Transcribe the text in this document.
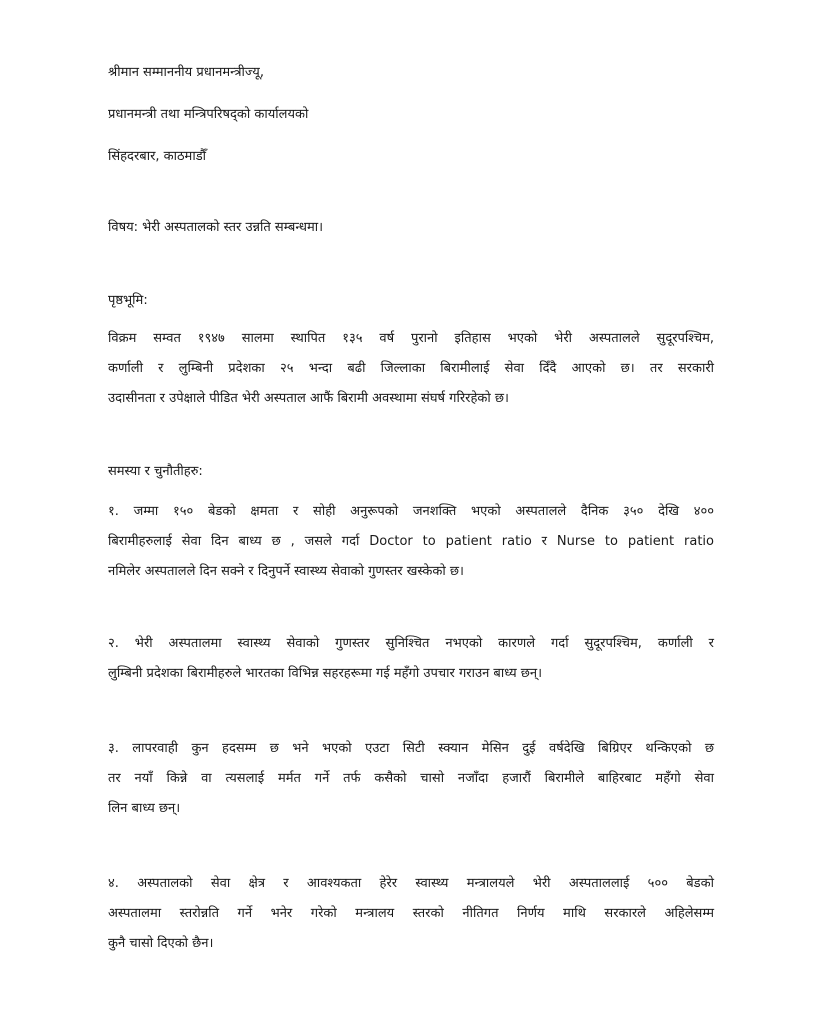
श्रीमान सम्माननीय प्रधानमन्त्रीज्यू,
प्रधानमन्त्री तथा मन्त्रिपरिषद्को कार्यालयको
सिंहदरबार, काठमाडौँ
विषय: भेरी अस्पतालको स्तर उन्नति सम्बन्धमा।
पृष्ठभूमि:
विक्रम सम्वत १९४७ सालमा स्थापित १३५ वर्ष पुरानो इतिहास भएको भेरी अस्पतालले सुदूरपश्चिम,
कर्णाली र लुम्बिनी प्रदेशका २५ भन्दा बढी जिल्लाका बिरामीलाई सेवा दिँदै आएको छ। तर सरकारी
उदासीनता र उपेक्षाले पीडित भेरी अस्पताल आफैं बिरामी अवस्थामा संघर्ष गरिरहेको छ।
समस्या र चुनौतीहरु:
१. जम्मा १५० बेडको क्षमता र सोही अनुरूपको जनशक्ति भएको अस्पतालले दैनिक ३५० देखि ४००
बिरामीहरुलाई सेवा दिन बाध्य छ , जसले गर्दा Doctor to patient ratio र Nurse to patient ratio
नमिलेर अस्पतालले दिन सक्ने र दिनुपर्ने स्वास्थ्य सेवाको गुणस्तर खस्केको छ।
२. भेरी अस्पतालमा स्वास्थ्य सेवाको गुणस्तर सुनिश्चित नभएको कारणले गर्दा सुदूरपश्चिम, कर्णाली र
लुम्बिनी प्रदेशका बिरामीहरुले भारतका विभिन्न सहरहरूमा गई महँगो उपचार गराउन बाध्य छन्।
३. लापरवाही कुन हदसम्म छ भने भएको एउटा सिटी स्क्यान मेसिन दुई वर्षदेखि बिग्रिएर थन्किएको छ
तर नयाँ किन्ने वा त्यसलाई मर्मत गर्ने तर्फ कसैको चासो नजाँदा हजारौं बिरामीले बाहिरबाट महँगो सेवा
लिन बाध्य छन्।
४. अस्पतालको सेवा क्षेत्र र आवश्यकता हेरेर स्वास्थ्य मन्त्रालयले भेरी अस्पताललाई ५०० बेडको
अस्पतालमा स्तरोन्नति गर्ने भनेर गरेको मन्त्रालय स्तरको नीतिगत निर्णय माथि सरकारले अहिलेसम्म
कुनै चासो दिएको छैन।
